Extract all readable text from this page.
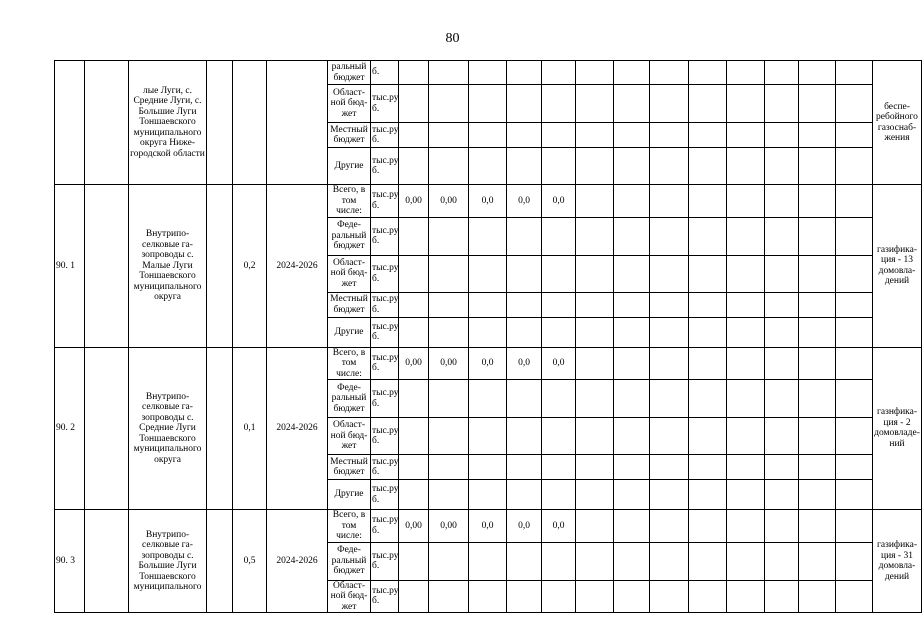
80
		лые Луги, с. Средние Луги, с. Большие Луги Тоншаевского муниципального округа Нижегородской области				ральный бюджет	б.														бесперебойного газоснабжения
						Областной бюджет	тыс.ру б.														
						Местный бюджет	тыс.ру б.														
						Другие	тыс.ру б.														
90. 1		Внутрипоселковые газопроводы с. Малые Луги Тоншаевского муниципального округа		0,2	2024-2026	Всего, в том числе:	тыс.ру б.	0,00	0,00	0,0	0,0	0,0									газификация - 13 домовладений
						Федеральный бюджет	тыс.ру б.														
						Областной бюджет	тыс.ру б.														
						Местный бюджет	тыс.ру б.														
						Другие	тыс.ру б.														
90. 2		Внутрипоселковые газопроводы с. Средние Луги Тоншаевского муниципального округа		0,1	2024-2026	Всего, в том числе:	тыс.ру б.	0,00	0,00	0,0	0,0	0,0									газнфикация - 2 домовладений
						Федеральный бюджет	тыс.ру б.														
						Областной бюджет	тыс.ру б.														
						Местный бюджет	тыс.ру б.														
						Другие	тыс.ру б.														
90. 3		Внутрипоселковые газопроводы с. Большие Луги Тоншаевского муниципального		0,5	2024-2026	Всего, в том числе:	тыс.ру б.	0,00	0,00	0,0	0,0	0,0									газификация - 31 домовладений
						Федеральный бюджет	тыс.ру б.														
						Областной бюджет	тыс.ру б.														
